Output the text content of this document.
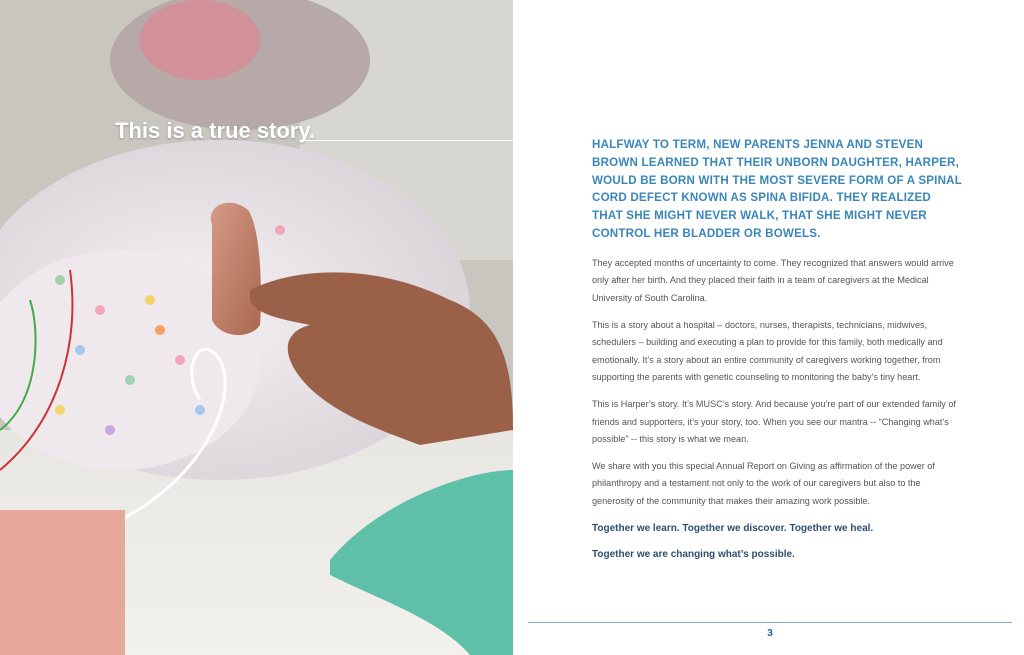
This is a true story.

HALFWAY TO TERM, NEW PARENTS JENNA AND STEVEN BROWN LEARNED THAT THEIR UNBORN DAUGHTER, HARPER, WOULD BE BORN WITH THE MOST SEVERE FORM OF A SPINAL CORD DEFECT KNOWN AS SPINA BIFIDA. THEY REALIZED THAT SHE MIGHT NEVER WALK, THAT SHE MIGHT NEVER CONTROL HER BLADDER OR BOWELS.

They accepted months of uncertainty to come. They recognized that answers would arrive only after her birth. And they placed their faith in a team of caregivers at the Medical University of South Carolina.

This is a story about a hospital – doctors, nurses, therapists, technicians, midwives, schedulers – building and executing a plan to provide for this family, both medically and emotionally. It’s a story about an entire community of caregivers working together, from supporting the parents with genetic counseling to monitoring the baby’s tiny heart.

This is Harper’s story. It’s MUSC’s story. And because you’re part of our extended family of friends and supporters, it’s your story, too. When you see our mantra -- “Changing what’s possible” -- this story is what we mean.

We share with you this special Annual Report on Giving as affirmation of the power of philanthropy and a testament not only to the work of our caregivers but also to the generosity of the community that makes their amazing work possible.

Together we learn. Together we discover. Together we heal.

Together we are changing what’s possible.

3
